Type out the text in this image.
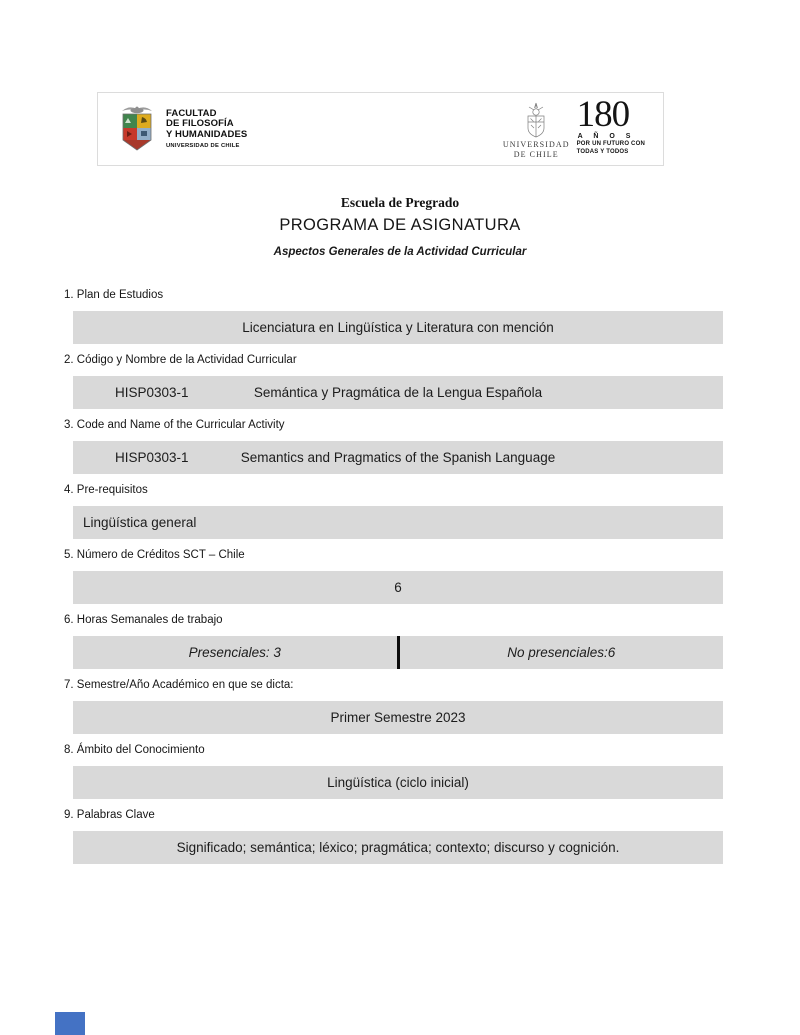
FACULTAD
DE FILOSOFÍA
Y HUMANIDADES
UNIVERSIDAD DE CHILE	UNIVERSIDAD
DE CHILE
180
A Ñ O S
POR UN FUTURO CON
TODAS Y TODOS
Escuela de Pregrado
PROGRAMA DE ASIGNATURA
Aspectos Generales de la Actividad Curricular
1. Plan de Estudios
Licenciatura en Lingüística y Literatura con mención
2. Código y Nombre de la Actividad Curricular
HISP0303-1	Semántica y Pragmática de la Lengua Española
3. Code and Name of the Curricular Activity
HISP0303-1	Semantics and Pragmatics of the Spanish Language
4. Pre-requisitos
Lingüística general
5. Número de Créditos SCT – Chile
6
6. Horas Semanales de trabajo
Presenciales: 3	No presenciales:6
7. Semestre/Año Académico en que se dicta:
Primer Semestre 2023
8. Ámbito del Conocimiento
Lingüística (ciclo inicial)
9. Palabras Clave
Significado; semántica; léxico; pragmática; contexto; discurso y cognición.
